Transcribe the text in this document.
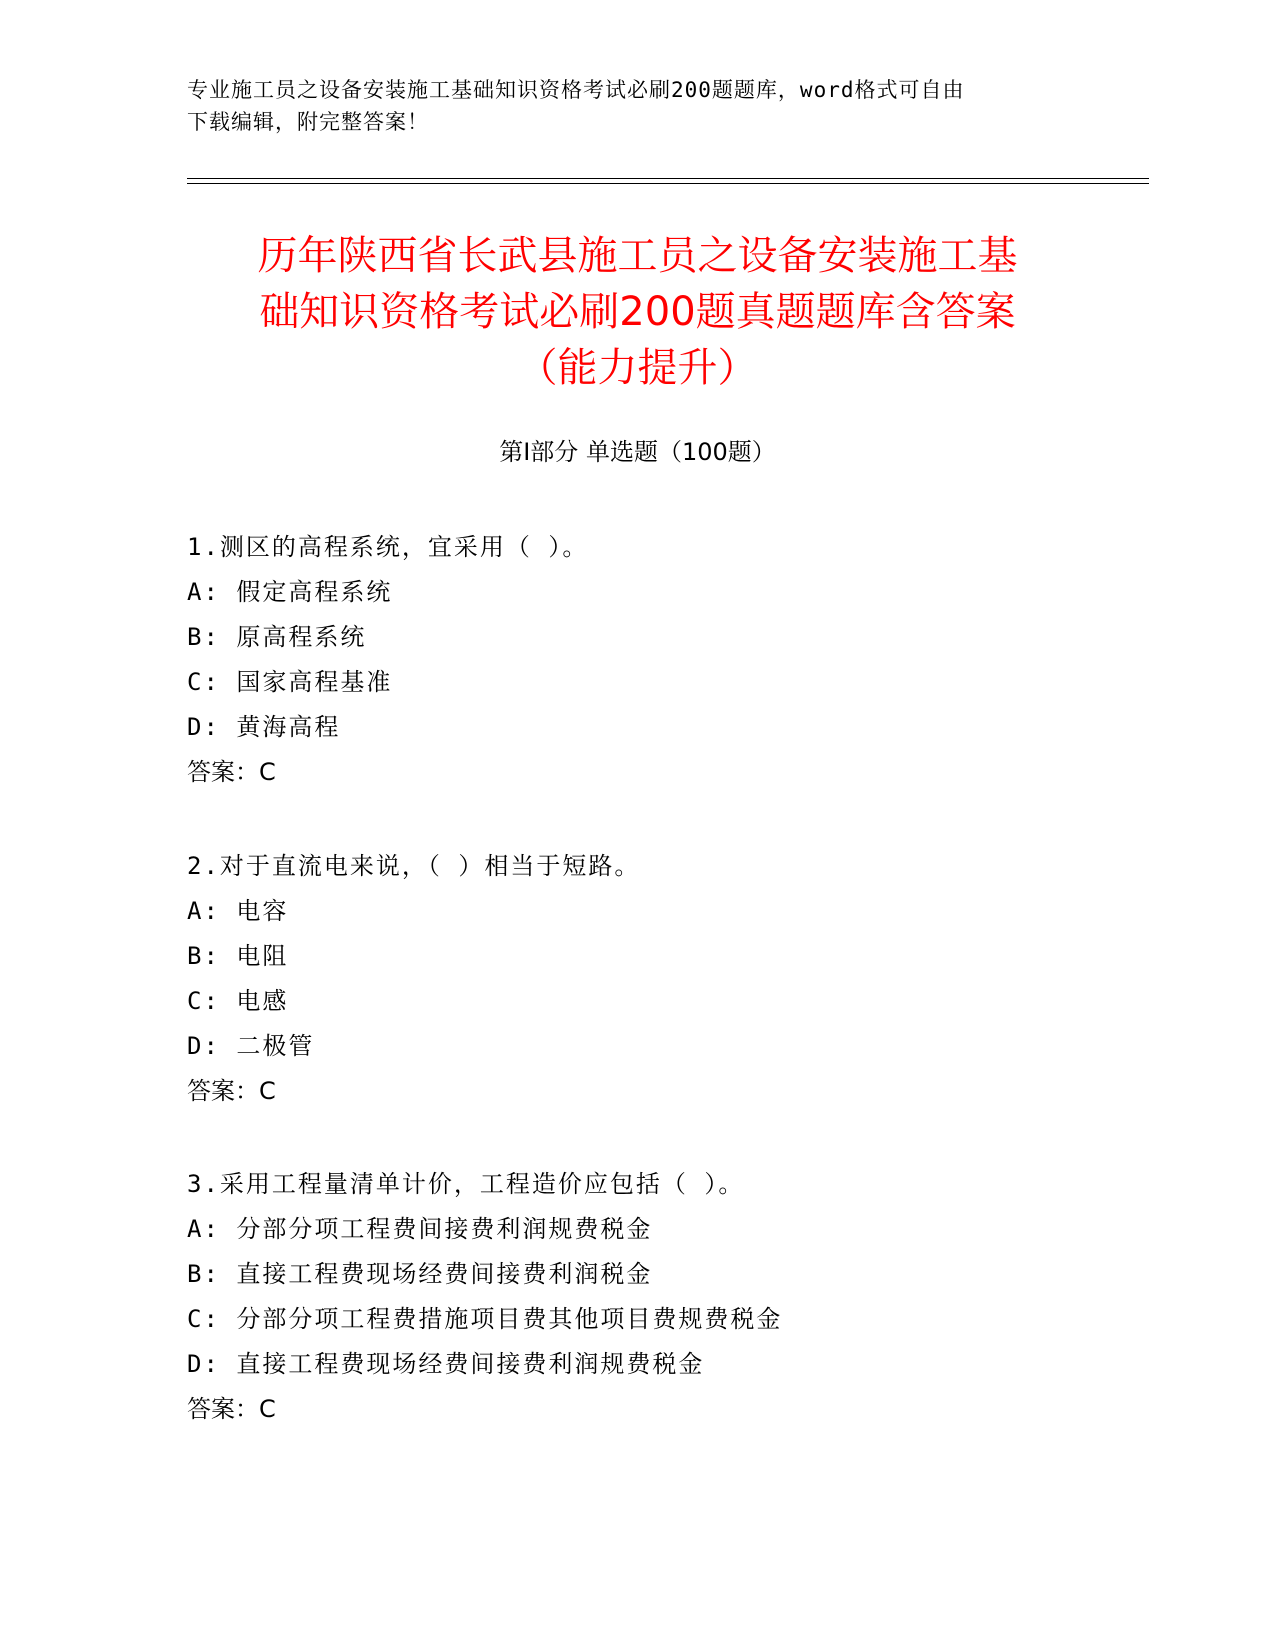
专业施工员之设备安装施工基础知识资格考试必刷200题题库，word格式可自由
下载编辑，附完整答案！
历年陕西省长武县施工员之设备安装施工基
础知识资格考试必刷200题真题题库含答案
（能力提升）
第Ⅰ部分 单选题（100题）
1.测区的高程系统，宜采用（ ）。
A: 假定高程系统
B: 原高程系统
C: 国家高程基准
D: 黄海高程
答案：C
2.对于直流电来说，（ ）相当于短路。
A: 电容
B: 电阻
C: 电感
D: 二极管
答案：C
3.采用工程量清单计价，工程造价应包括（ ）。
A: 分部分项工程费间接费利润规费税金
B: 直接工程费现场经费间接费利润税金
C: 分部分项工程费措施项目费其他项目费规费税金
D: 直接工程费现场经费间接费利润规费税金
答案：C
